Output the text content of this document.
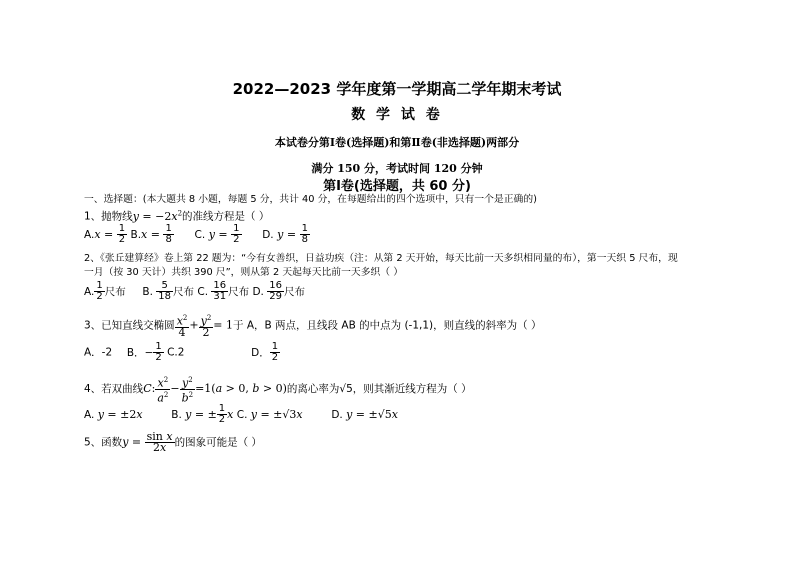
2022—2023 学年度第一学期高二学年期末考试
数 学 试 卷
本试卷分第Ⅰ卷(选择题)和第Ⅱ卷(非选择题)两部分
满分 150 分，考试时间 120 分钟
第Ⅰ卷(选择题，共 60 分)
一、选择题：(本大题共 8 小题，每题 5 分，共计 40 分，在每题给出的四个选项中，只有一个是正确的)
1、抛物线$y = -2x^2$的准线方程是（ ）
$A.x = \frac{1}{2} B.x = \frac{1}{8} C$. $y = \frac{1}{2} D$. $y = \frac{1}{8}$
2、《张丘建算经》卷上第 22 题为：“今有女善织，日益功疾（注：从第 2 天开始，每天比前一天多织相同量的布），第一天织 5 尺布，现
一月（按 30 天计）共织 390 尺”，则从第 2 天起每天比前一天多织（ ）
A. $\frac{1}{2}$ 尺布 B. $\frac{5}{18}$ 尺布 C. $\frac{16}{31}$ 尺布 D. $\frac{16}{29}$ 尺布
3、已知直线交椭圆 $\frac{x^2}{4} + \frac{y^2}{2} = 1$于 A，B 两点，且线段 AB 的中点为 (-1,1)，则直线的斜率为（ ）
A．-2 B．− $\frac{1}{2} C.2$	D． $\frac{1}{2}$
4、若双曲线C: $\frac{x^2}{a^2} - \frac{y^2}{b^2} =1(a > 0$, b > 0)的离心率为√5，则其渐近线方程为（ ）
A. y = ±2x	B. y = ± $\frac{1}{2}$ x C. y = ±√3x	D. y = ±√5x
5、函数$y = \frac{\text{sin x}}{2x}$ 的图象可能是（ ）
